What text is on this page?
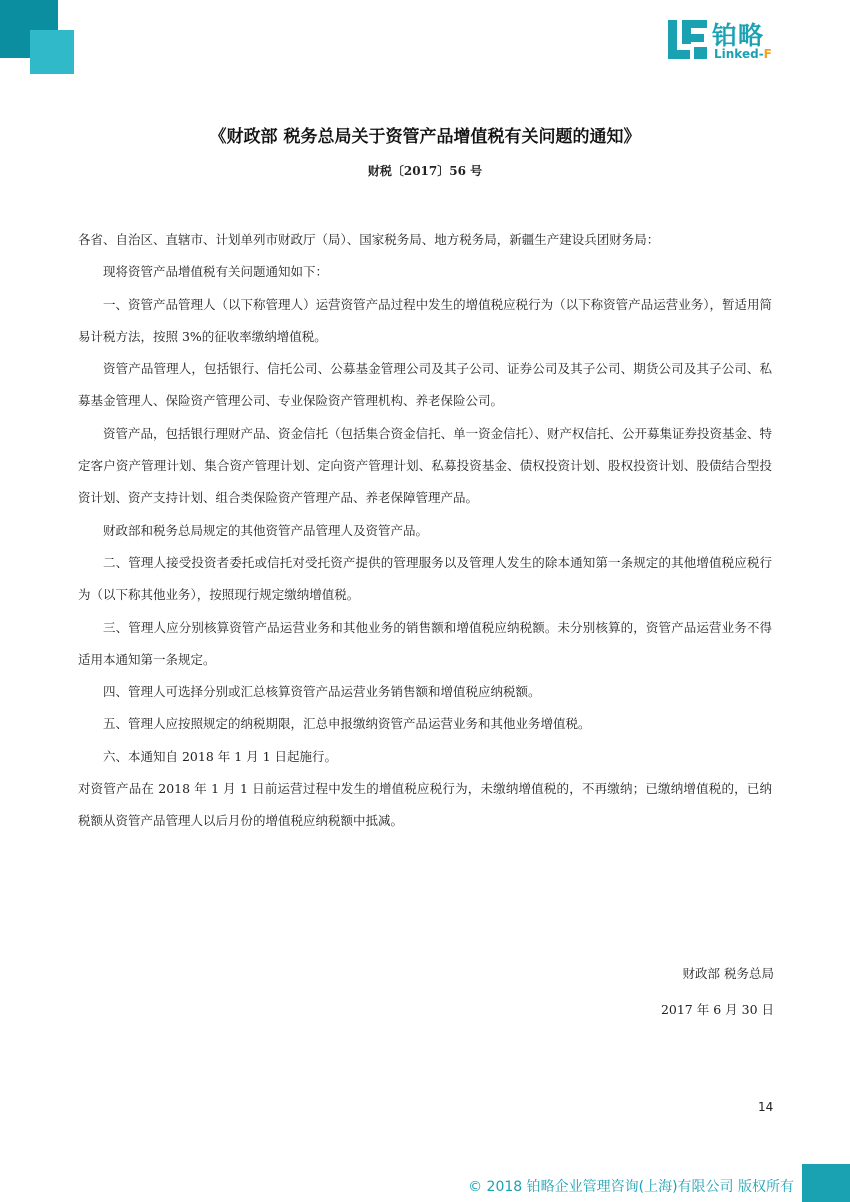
铂略
Linked-F
《财政部 税务总局关于资管产品增值税有关问题的通知》
财税〔2017〕56 号

各省、自治区、直辖市、计划单列市财政厅（局）、国家税务局、地方税务局，新疆生产建设兵团财务局：

现将资管产品增值税有关问题通知如下：

一、资管产品管理人（以下称管理人）运营资管产品过程中发生的增值税应税行为（以下称资管产品运营业务），暂适用简易计税方法，按照 3%的征收率缴纳增值税。

资管产品管理人，包括银行、信托公司、公募基金管理公司及其子公司、证券公司及其子公司、期货公司及其子公司、私募基金管理人、保险资产管理公司、专业保险资产管理机构、养老保险公司。

资管产品，包括银行理财产品、资金信托（包括集合资金信托、单一资金信托）、财产权信托、公开募集证券投资基金、特定客户资产管理计划、集合资产管理计划、定向资产管理计划、私募投资基金、债权投资计划、股权投资计划、股债结合型投资计划、资产支持计划、组合类保险资产管理产品、养老保障管理产品。

财政部和税务总局规定的其他资管产品管理人及资管产品。

二、管理人接受投资者委托或信托对受托资产提供的管理服务以及管理人发生的除本通知第一条规定的其他增值税应税行为（以下称其他业务），按照现行规定缴纳增值税。

三、管理人应分别核算资管产品运营业务和其他业务的销售额和增值税应纳税额。未分别核算的，资管产品运营业务不得适用本通知第一条规定。

四、管理人可选择分别或汇总核算资管产品运营业务销售额和增值税应纳税额。

五、管理人应按照规定的纳税期限，汇总申报缴纳资管产品运营业务和其他业务增值税。

六、本通知自 2018 年 1 月 1 日起施行。

对资管产品在 2018 年 1 月 1 日前运营过程中发生的增值税应税行为，未缴纳增值税的，不再缴纳；已缴纳增值税的，已纳税额从资管产品管理人以后月份的增值税应纳税额中抵减。

财政部 税务总局
2017 年 6 月 30 日
14
© 2018 铂略企业管理咨询(上海)有限公司 版权所有
